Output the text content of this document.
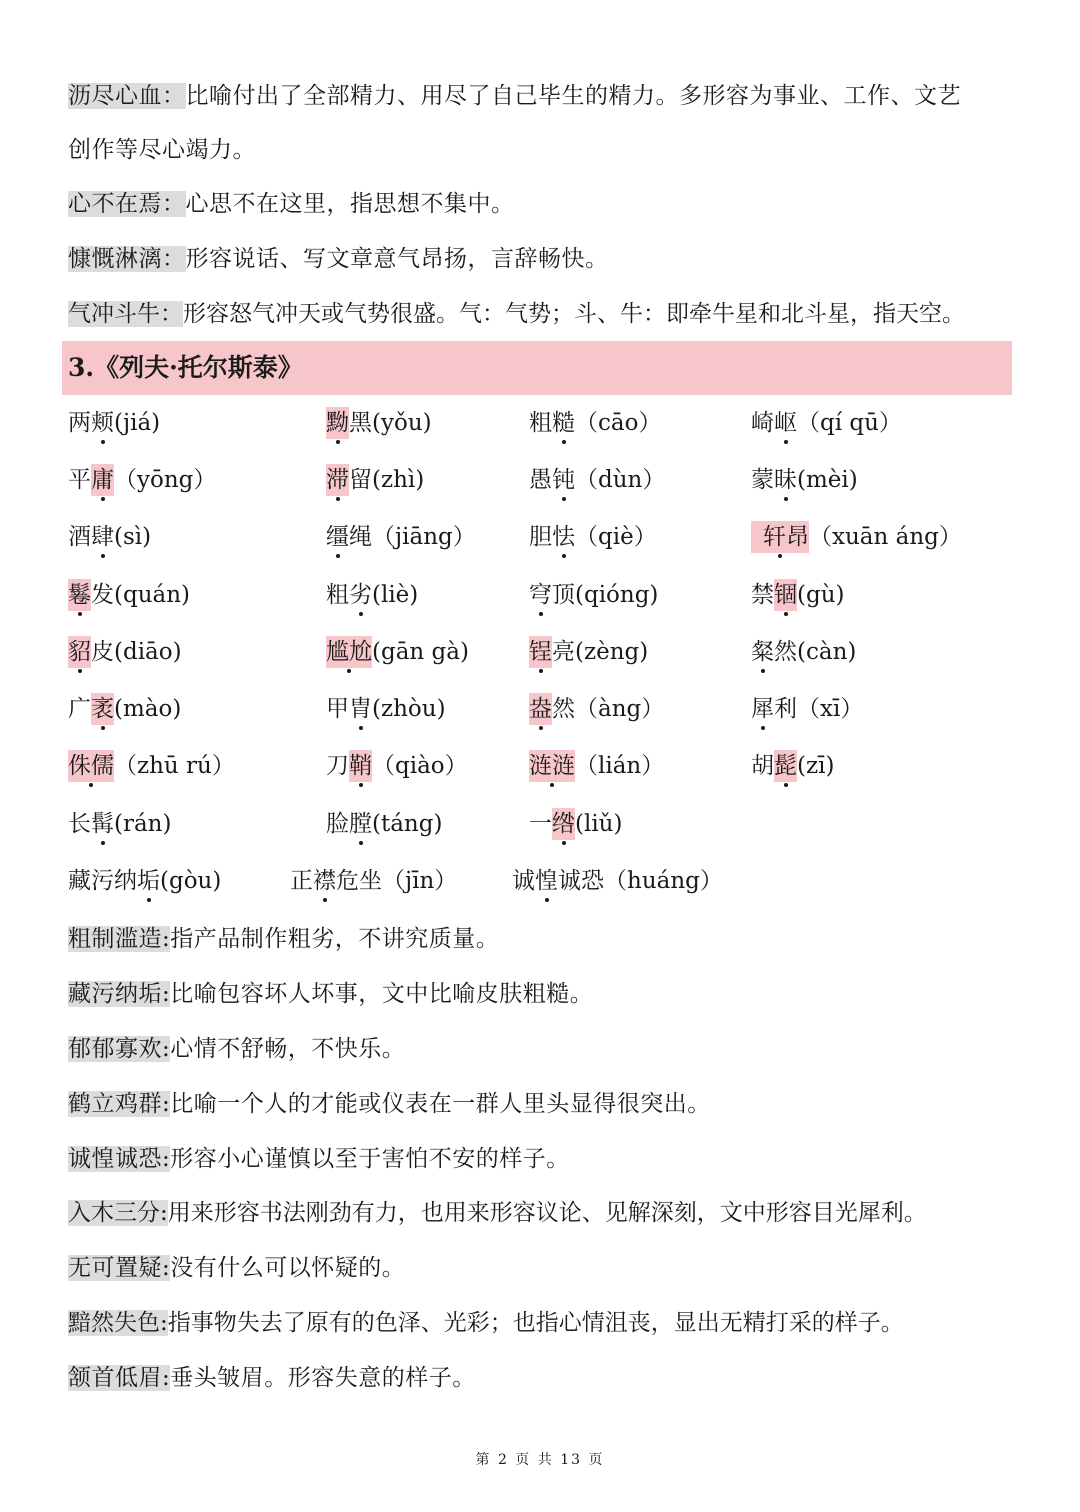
沥尽心血：比喻付出了全部精力、用尽了自己毕生的精力。多形容为事业、工作、文艺
创作等尽心竭力。
心不在焉：心思不在这里，指思想不集中。
慷慨淋漓：形容说话、写文章意气昂扬，言辞畅快。
气冲斗牛：形容怒气冲天或气势很盛。气：气势；斗、牛：即牵牛星和北斗星，指天空。
3.《列夫·托尔斯泰》
两颊(jiá)	黝黑(yǒu)	粗糙（cāo）	崎岖（qí qū）
平庸（yōng）	滞留(zhì)	愚钝（dùn）	蒙昧(mèi)
酒肆(sì)	缰绳（jiāng） 胆怯（qiè）	轩昂（xuān áng）
鬈发(quán)	粗劣(liè)	穹顶(qióng)	禁锢(gù)
貂皮(diāo)	尴尬(gān gà)	锃亮(zèng)	粲然(càn)
广袤(mào)	甲胄(zhòu)	盎然（àng）	犀利（xī）
侏儒（zhū rú）	刀鞘（qiào）	涟涟（lián）	胡髭(zī)
长髯(rán)	脸膛(táng)	一绺(liǔ)
藏污纳垢(gòu)	正襟危坐（jīn） 诚惶诚恐（huáng）
粗制滥造:指产品制作粗劣，不讲究质量。
藏污纳垢:比喻包容坏人坏事，文中比喻皮肤粗糙。
郁郁寡欢:心情不舒畅，不快乐。
鹤立鸡群:比喻一个人的才能或仪表在一群人里头显得很突出。
诚惶诚恐:形容小心谨慎以至于害怕不安的样子。
入木三分:用来形容书法刚劲有力，也用来形容议论、见解深刻，文中形容目光犀利。
无可置疑:没有什么可以怀疑的。
黯然失色:指事物失去了原有的色泽、光彩；也指心情沮丧，显出无精打采的样子。
颔首低眉:垂头皱眉。形容失意的样子。
第 2 页 共 13 页
